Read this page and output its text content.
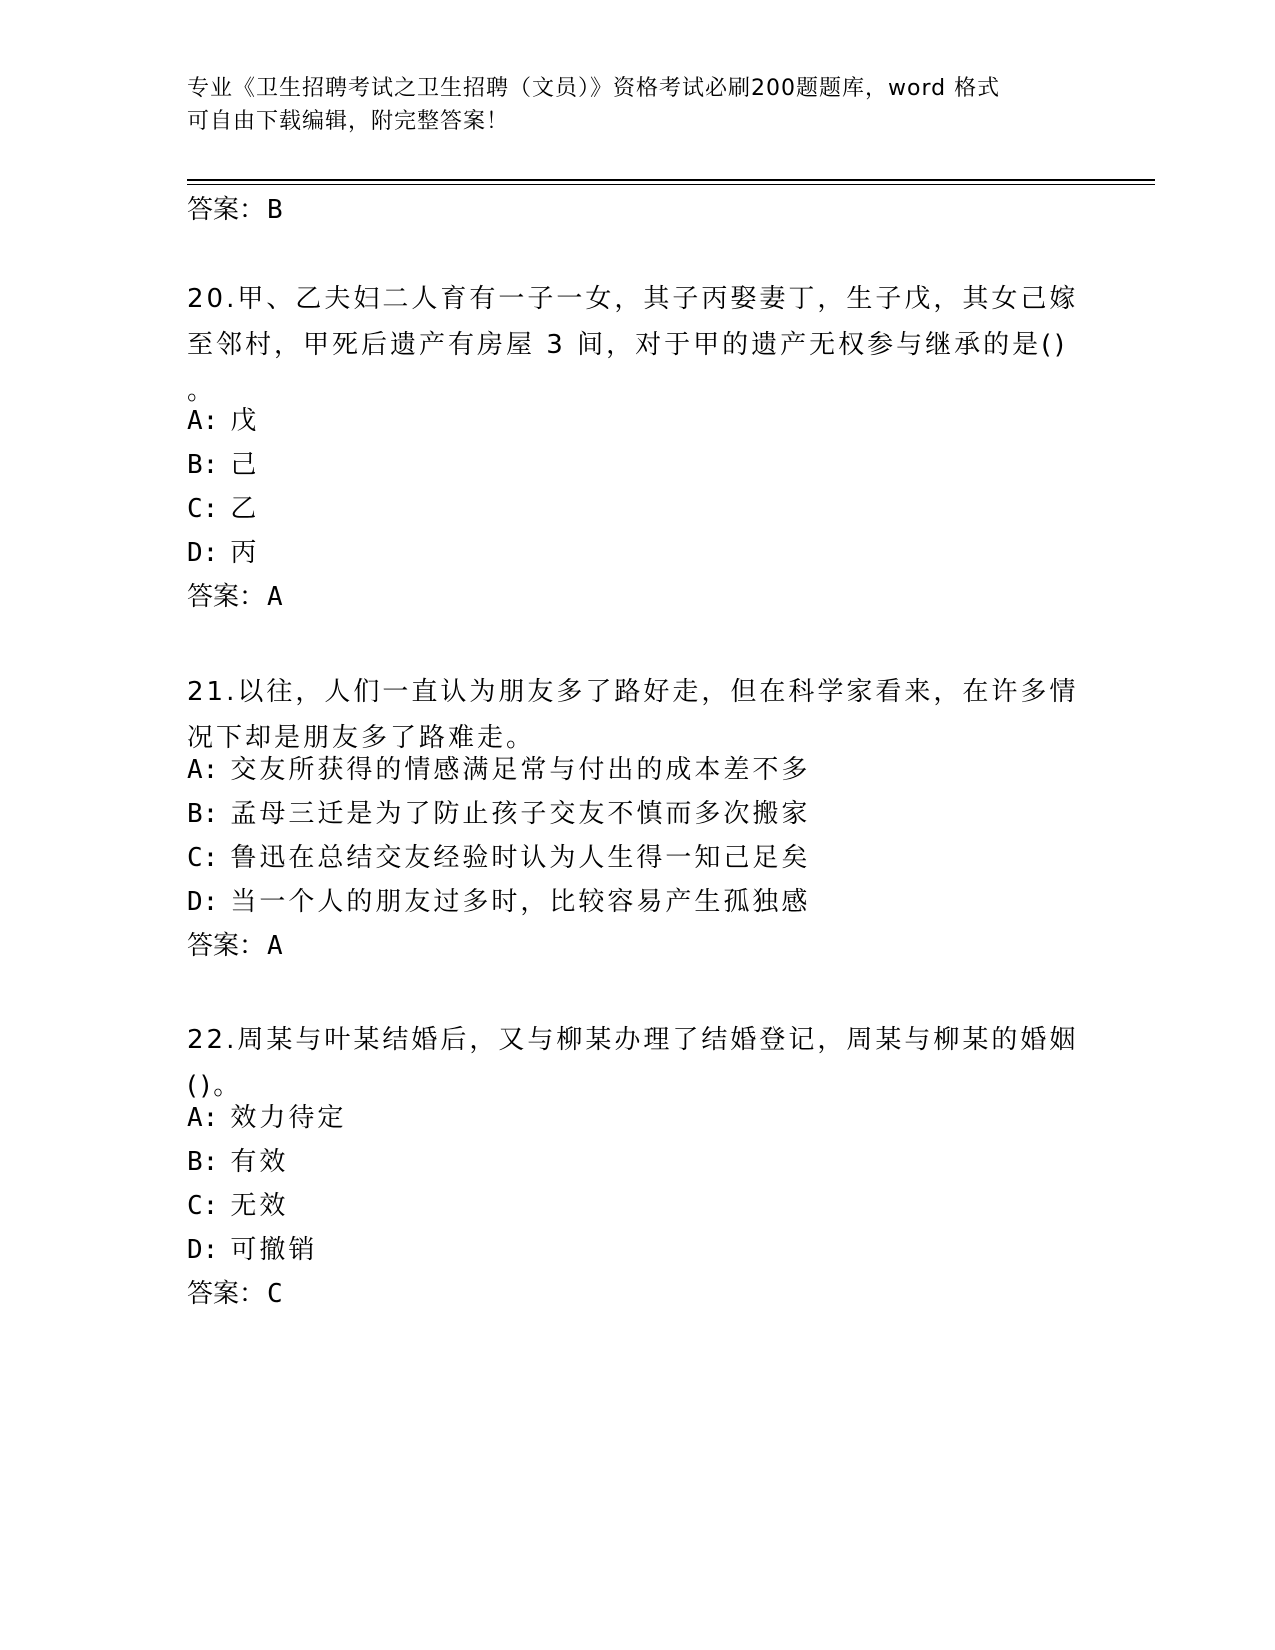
专业《卫生招聘考试之卫生招聘（文员）》资格考试必刷200题题库，word 格式
可自由下载编辑，附完整答案！
答案：B
20.甲、乙夫妇二人育有一子一女，其子丙娶妻丁，生子戊，其女己嫁
至邻村，甲死后遗产有房屋 3 间，对于甲的遗产无权参与继承的是()
。
A: 戊
B: 己
C: 乙
D: 丙
答案：A
21.以往，人们一直认为朋友多了路好走，但在科学家看来，在许多情
况下却是朋友多了路难走。
A: 交友所获得的情感满足常与付出的成本差不多
B: 孟母三迁是为了防止孩子交友不慎而多次搬家
C: 鲁迅在总结交友经验时认为人生得一知己足矣
D: 当一个人的朋友过多时，比较容易产生孤独感
答案：A
22.周某与叶某结婚后，又与柳某办理了结婚登记，周某与柳某的婚姻
()。
A: 效力待定
B: 有效
C: 无效
D: 可撤销
答案：C
